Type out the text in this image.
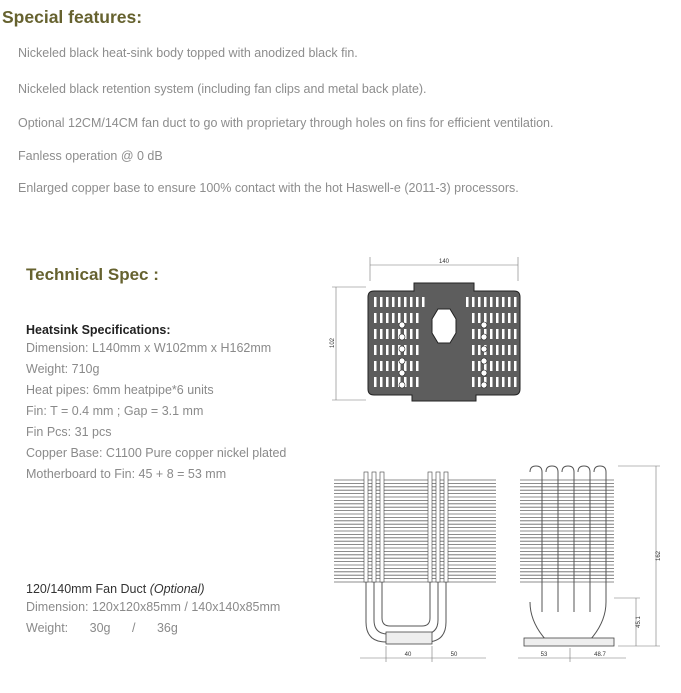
Special features:
Nickeled black heat-sink body topped with anodized black fin.
Nickeled black retention system (including fan clips and metal back plate).
Optional 12CM/14CM fan duct to go with proprietary through holes on fins for efficient ventilation.
Fanless operation @ 0 dB
Enlarged copper base to ensure 100% contact with the hot Haswell-e (2011-3) processors.
Technical Spec :
Heatsink Specifications:
Dimension: L140mm x W102mm x H162mm
Weight: 710g
Heat pipes: 6mm heatpipe*6 units
Fin: T = 0.4 mm ; Gap = 3.1 mm
Fin Pcs: 31 pcs
Copper Base: C1100 Pure copper nickel plated
Motherboard to Fin: 45 + 8 = 53 mm
120/140mm Fan Duct (Optional)
Dimension: 120x120x85mm / 140x140x85mm
Weight: 30g / 36g
140
102
40	50
162
45.1
53	48.7
